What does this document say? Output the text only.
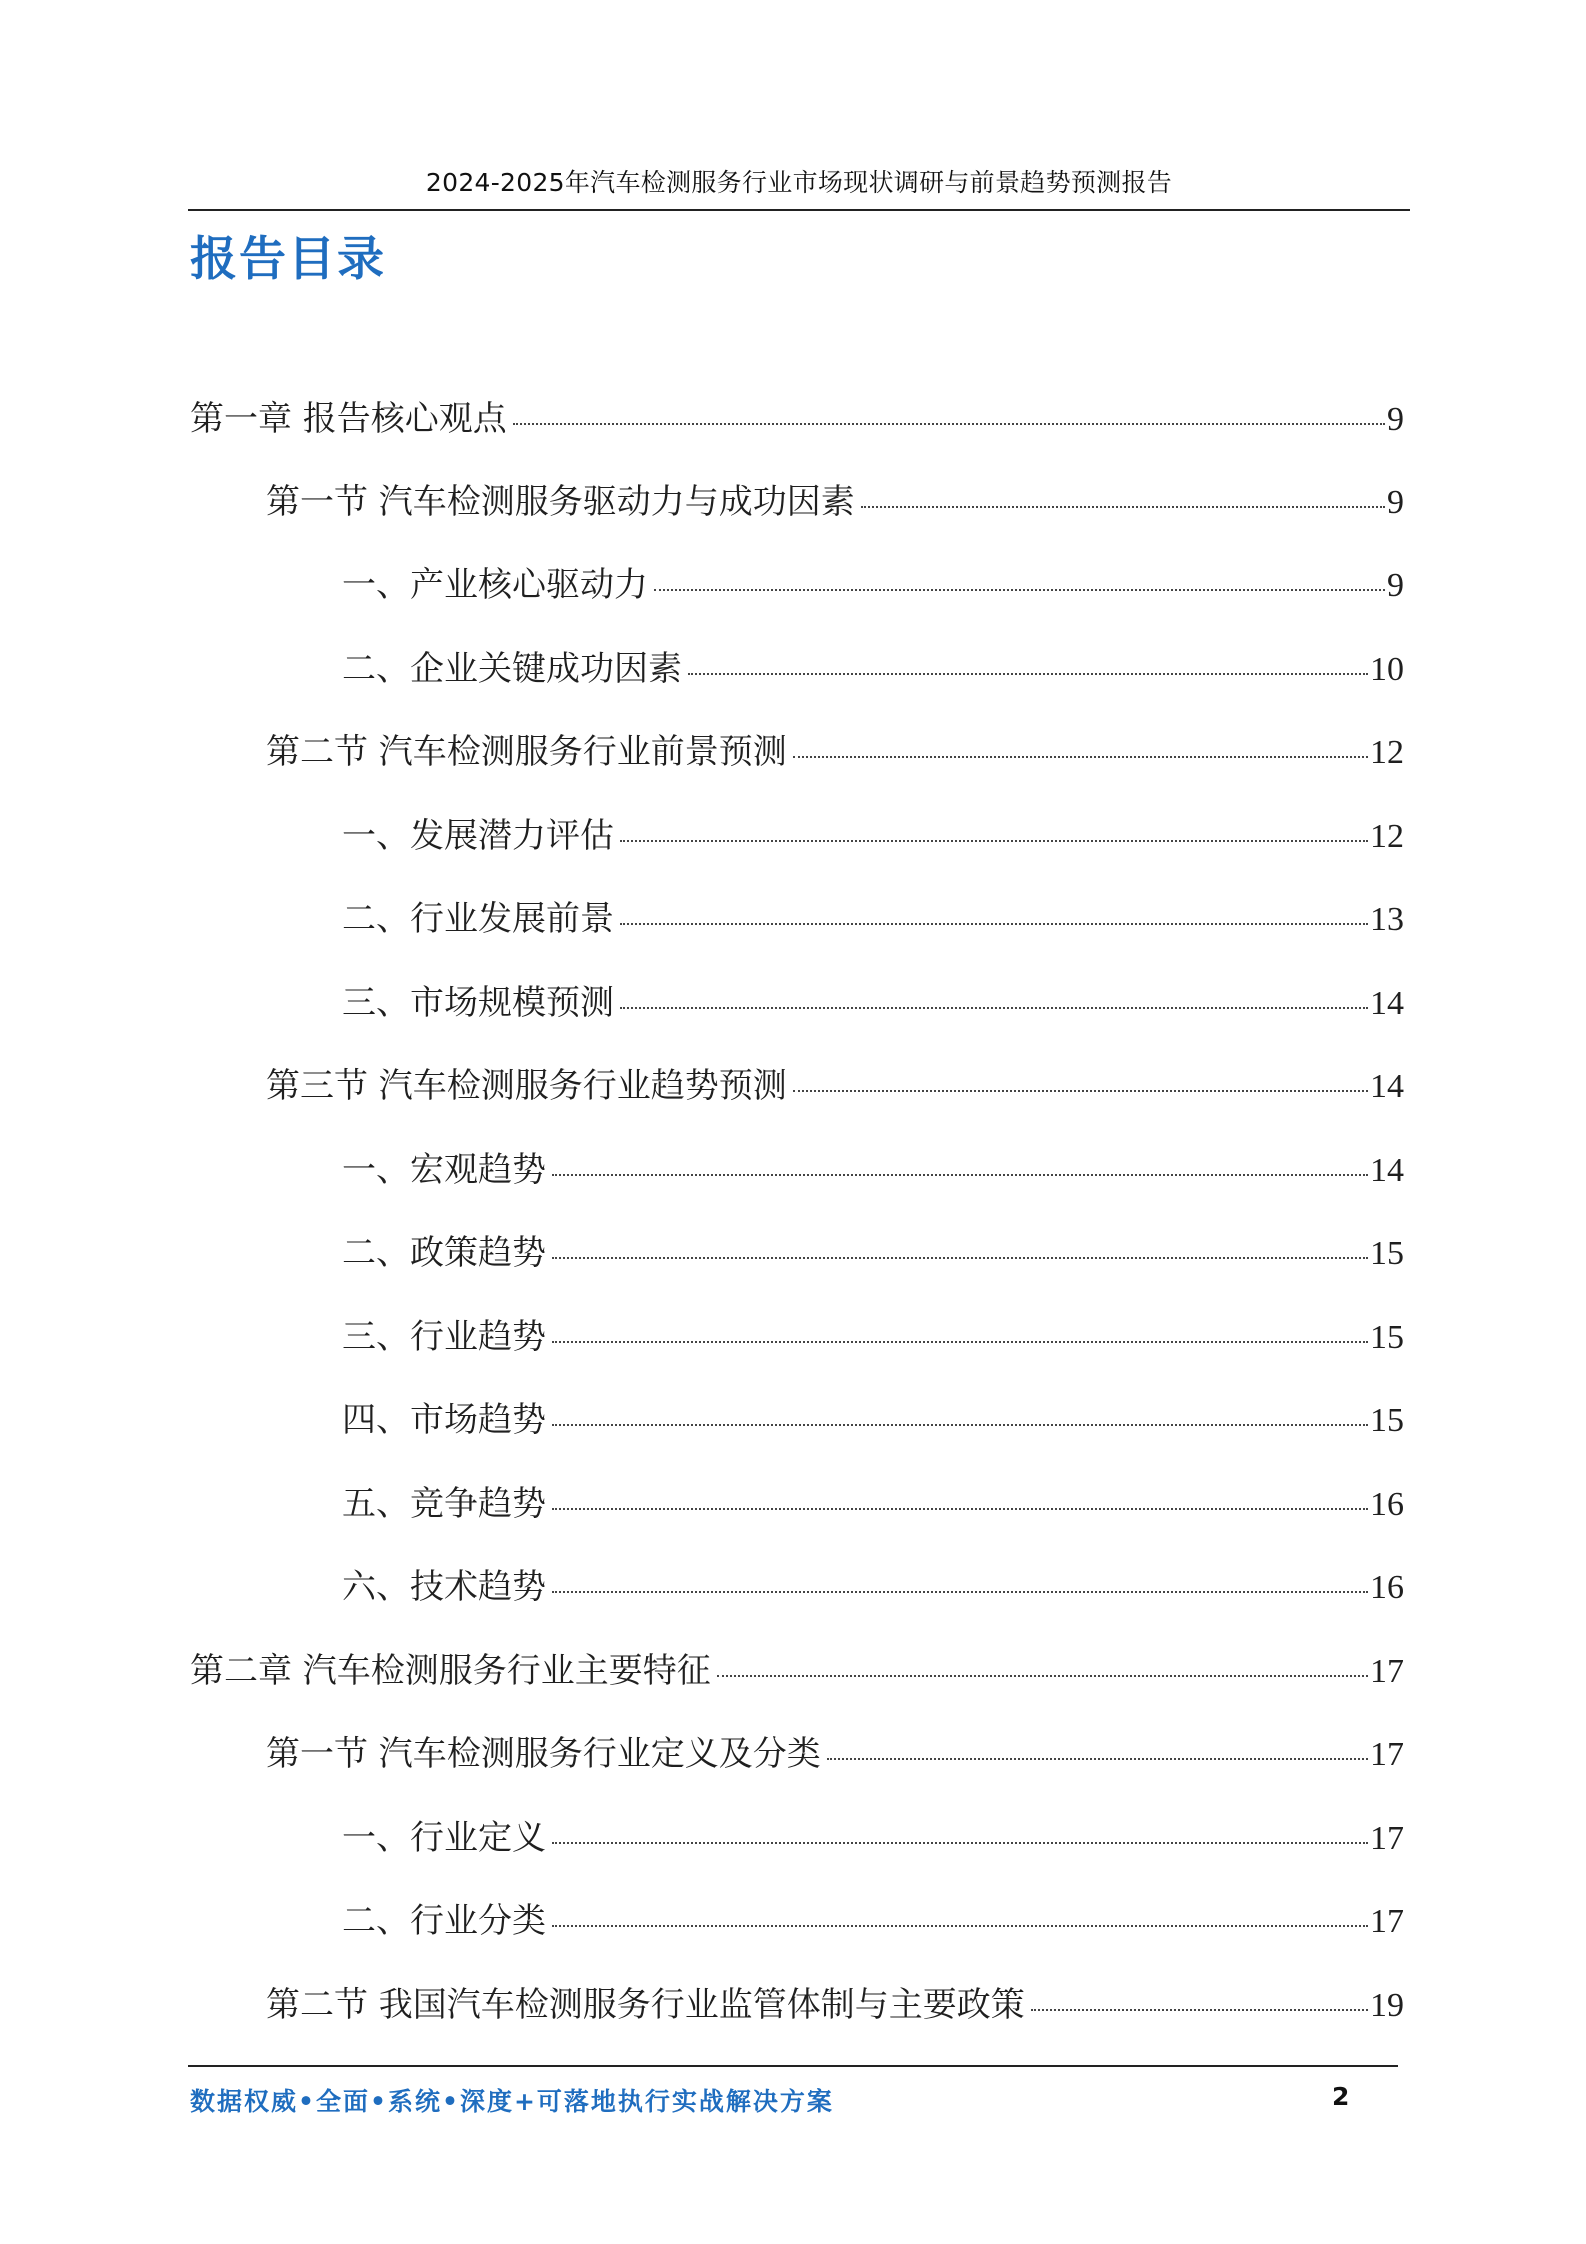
2024-2025年汽车检测服务行业市场现状调研与前景趋势预测报告
报告目录
第一章 报告核心观点	9
第一节 汽车检测服务驱动力与成功因素	9
一、产业核心驱动力	9
二、企业关键成功因素	10
第二节 汽车检测服务行业前景预测	12
一、发展潜力评估	12
二、行业发展前景	13
三、市场规模预测	14
第三节 汽车检测服务行业趋势预测	14
一、宏观趋势	14
二、政策趋势	15
三、行业趋势	15
四、市场趋势	15
五、竞争趋势	16
六、技术趋势	16
第二章 汽车检测服务行业主要特征	17
第一节 汽车检测服务行业定义及分类	17
一、行业定义	17
二、行业分类	17
第二节 我国汽车检测服务行业监管体制与主要政策	19
数据权威•全面•系统•深度+可落地执行实战解决方案	2
